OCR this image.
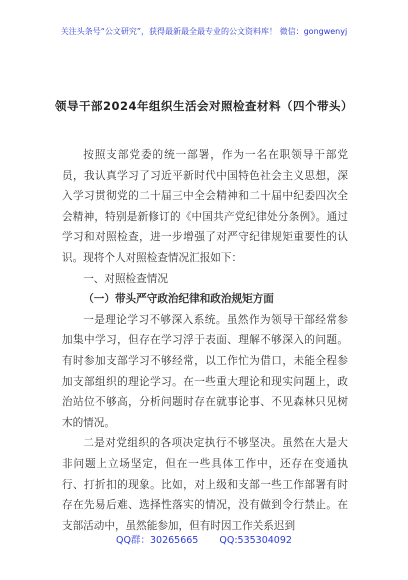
关注头条号“公文研究”，获得最新最全最专业的公文资料库！ 微信：gongwenyj
领导干部2024年组织生活会对照检查材料（四个带头）

按照支部党委的统一部署，作为一名在职领导干部党员，我认真学习了习近平新时代中国特色社会主义思想，深入学习贯彻党的二十届三中全会精神和二十届中纪委四次全会精神，特别是新修订的《中国共产党纪律处分条例》。通过学习和对照检查，进一步增强了对严守纪律规矩重要性的认识。现将个人对照检查情况汇报如下：

一、对照检查情况

（一）带头严守政治纪律和政治规矩方面

一是理论学习不够深入系统。虽然作为领导干部经常参加集中学习，但存在学习浮于表面、理解不够深入的问题。有时参加支部学习不够经常，以工作忙为借口，未能全程参加支部组织的理论学习。在一些重大理论和现实问题上，政治站位不够高，分析问题时存在就事论事、不见森林只见树木的情况。

二是对党组织的各项决定执行不够坚决。虽然在大是大非问题上立场坚定，但在一些具体工作中，还存在变通执行、打折扣的现象。比如，对上级和支部一些工作部署有时存在先易后难、选择性落实的情况，没有做到令行禁止。在支部活动中，虽然能参加，但有时因工作关系迟到

QQ群：30265665 QQ:535304092
